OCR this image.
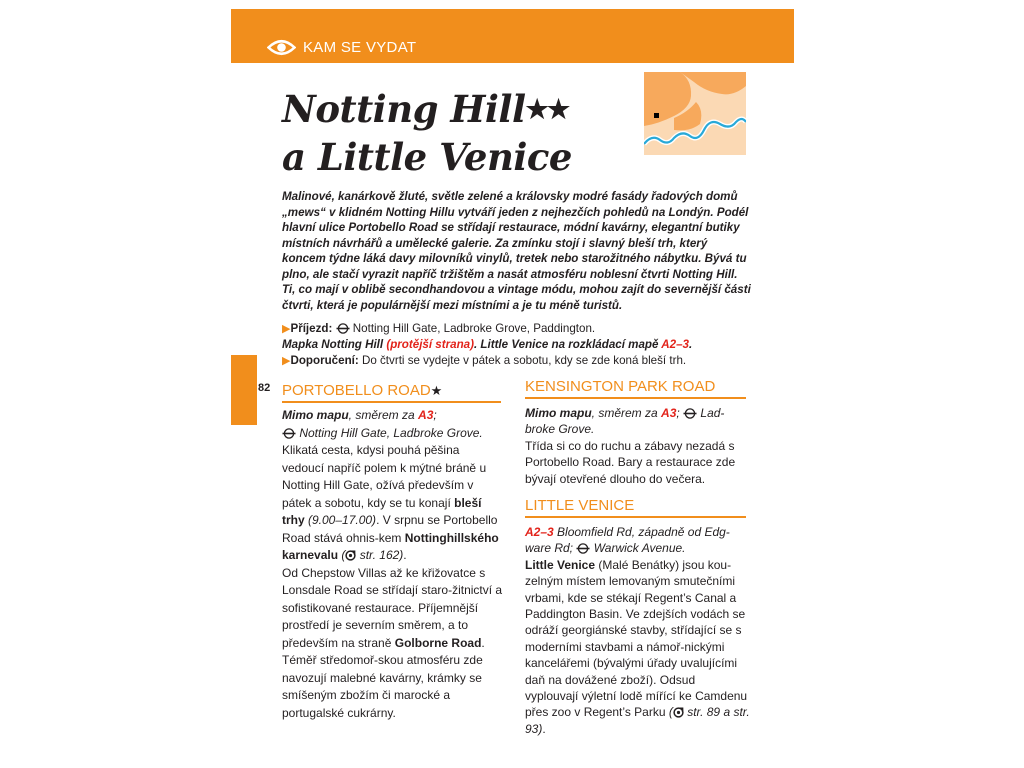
KAM SE VYDAT
Notting Hill★★
a Little Venice

Malinové, kanárkově žluté, světle zelené a královsky modré fasády řadových domů „mews“ v klidném Notting Hillu vytváří jeden z nejhezčích pohledů na Londýn. Podél hlavní ulice Portobello Road se střídají restaurace, módní kavárny, elegantní butiky místních návrhářů a umělecké galerie. Za zmínku stojí i slavný bleší trh, který koncem týdne láká davy milovníků vinylů, tretek nebo starožitného nábytku. Bývá tu plno, ale stačí vyrazit napříč tržištěm a nasát atmosféru noblesní čtvrti Notting Hill. Ti, co mají v oblibě secondhandovou a vintage módu, mohou zajít do severnější části čtvrti, která je populárnější mezi místními a je tu méně turistů.

▶Příjezd:  Notting Hill Gate, Ladbroke Grove, Paddington.

Mapka Notting Hill (protější strana). Little Venice na rozkládací mapě A2–3.

▶Doporučení: Do čtvrti se vydejte v pátek a sobotu, kdy se zde koná bleší trh.

82 PORTOBELLO ROAD★

Mimo mapu, směrem za A3;
Notting Hill Gate, Ladbroke Grove.
Klikatá cesta, kdysi pouhá pěšina vedoucí napříč polem k mýtné bráně u Notting Hill Gate, ožívá především v pátek a sobotu, kdy se tu konají bleší trhy (9.00–17.00). V srpnu se Portobello Road stává ohnis-kem Nottinghillského karnevalu ( str. 162).
Od Chepstow Villas až ke křižovatce s Lonsdale Road se střídají staro-žitnictví a sofistikované restaurace. Příjemnější prostředí je severním směrem, a to především na straně Golborne Road. Téměř středomoř-skou atmosféru zde navozují malebné kavárny, krámky se smíšeným zbožím či marocké a portugalské cukrárny.

KENSINGTON PARK ROAD

Mimo mapu, směrem za A3;  Lad-broke Grove.
Třída si co do ruchu a zábavy nezadá s Portobello Road. Bary a restaurace zde bývají otevřené dlouho do večera.

LITTLE VENICE

A2–3 Bloomfield Rd, západně od Edg-ware Rd;  Warwick Avenue.
Little Venice (Malé Benátky) jsou kou-zelným místem lemovaným smutečními vrbami, kde se stékají Regent’s Canal a Paddington Basin. Ve zdejších vodách se odráží georgiánské stavby, střídající se s moderními stavbami a námoř-nickými kancelářemi (bývalými úřady uvalujícími daň na dovážené zboží). Odsud vyplouvají výletní lodě mířící ke Camdenu přes zoo v Regent’s Parku ( str. 89 a str. 93).
